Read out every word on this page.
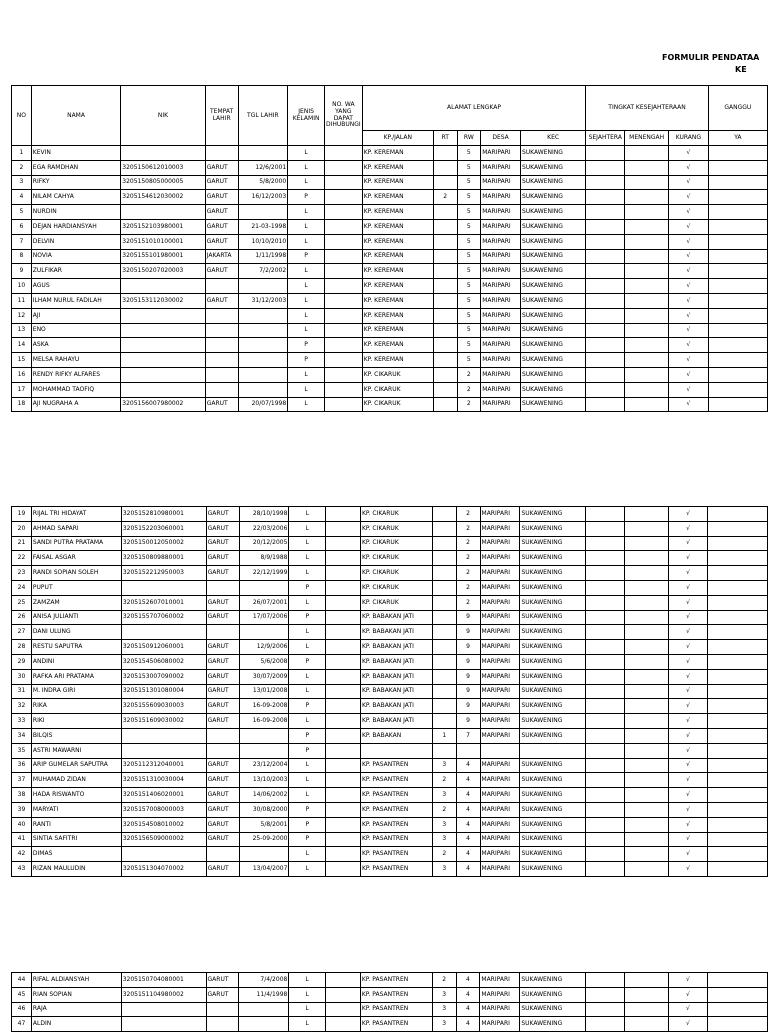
FORMULIR PENDATAA
KE
NO	NAMA	NIK	TEMPAT LAHIR	TGL LAHIR	JENIS KELAMIN	NO. WA YANG DAPAT DIHUBUNGI	ALAMAT LENGKAP					TINGKAT KESEJAHTERAAN			GANGGU
							KP./JALAN	RT	RW	DESA	KEC	SEJAHTERA	MENENGAH	KURANG	YA
1	KEVIN				L		KP. KEREMAN		5	MARIPARI	SUKAWENING			√	
2	EGA RAMDHAN	3205150612010003	GARUT	12/6/2001	L		KP. KEREMAN		5	MARIPARI	SUKAWENING			√	
3	RIFKY	3205150805000005	GARUT	5/8/2000	L		KP. KEREMAN		5	MARIPARI	SUKAWENING			√	
4	NILAM CAHYA	3205154612030002	GARUT	16/12/2003	P		KP. KEREMAN	2	5	MARIPARI	SUKAWENING			√	
5	NURDIN		GARUT		L		KP. KEREMAN		5	MARIPARI	SUKAWENING			√	
6	DEJAN HARDIANSYAH	3205152103980001	GARUT	21-03-1998	L		KP. KEREMAN		5	MARIPARI	SUKAWENING			√	
7	DELVIN	3205151010100001	GARUT	10/10/2010	L		KP. KEREMAN		5	MARIPARI	SUKAWENING			√	
8	NOVIA	3205155101980001	JAKARTA	1/11/1998	P		KP. KEREMAN		5	MARIPARI	SUKAWENING			√	
9	ZULFIKAR	3205150207020003	GARUT	7/2/2002	L		KP. KEREMAN		5	MARIPARI	SUKAWENING			√	
10	AGUS				L		KP. KEREMAN		5	MARIPARI	SUKAWENING			√	
11	ILHAM NURUL FADILAH	3205153112030002	GARUT	31/12/2003	L		KP. KEREMAN		5	MARIPARI	SUKAWENING			√	
12	AJI				L		KP. KEREMAN		5	MARIPARI	SUKAWENING			√	
13	ENO				L		KP. KEREMAN		5	MARIPARI	SUKAWENING			√	
14	ASKA				P		KP. KEREMAN		5	MARIPARI	SUKAWENING			√	
15	MELSA RAHAYU				P		KP. KEREMAN		5	MARIPARI	SUKAWENING			√	
16	RENDY RIFKY ALFARES				L		KP. CIKARUK		2	MARIPARI	SUKAWENING			√	
17	MOHAMMAD TAOFIQ				L		KP. CIKARUK		2	MARIPARI	SUKAWENING			√	
18	AJI NUGRAHA A	3205156007980002	GARUT	20/07/1998	L		KP. CIKARUK		2	MARIPARI	SUKAWENING			√	
19	RIJAL TRI HIDAYAT	3205152810980001	GARUT	28/10/1998	L		KP. CIKARUK		2	MARIPARI	SUKAWENING			√	
20	AHMAD SAPARI	3205152203060001	GARUT	22/03/2006	L		KP. CIKARUK		2	MARIPARI	SUKAWENING			√	
21	SANDI PUTRA PRATAMA	3205150012050002	GARUT	20/12/2005	L		KP. CIKARUK		2	MARIPARI	SUKAWENING			√	
22	FAISAL ASGAR	3205150809880001	GARUT	8/9/1988	L		KP. CIKARUK		2	MARIPARI	SUKAWENING			√	
23	RANDI SOPIAN SOLEH	3205152212950003	GARUT	22/12/1999	L		KP. CIKARUK		2	MARIPARI	SUKAWENING			√	
24	PUPUT				P		KP. CIKARUK		2	MARIPARI	SUKAWENING			√	
25	ZAMZAM	3205152607010001	GARUT	26/07/2001	L		KP. CIKARUK		2	MARIPARI	SUKAWENING			√	
26	ANISA JULIANTI	3205155707060002	GARUT	17/07/2006	P		KP. BABAKAN JATI		9	MARIPARI	SUKAWENING			√	
27	DANI ULUNG				L		KP. BABAKAN JATI		9	MARIPARI	SUKAWENING			√	
28	RESTU SAPUTRA	3205150912060001	GARUT	12/9/2006	L		KP. BABAKAN JATI		9	MARIPARI	SUKAWENING			√	
29	ANDINI	3205154506080002	GARUT	5/6/2008	P		KP. BABAKAN JATI		9	MARIPARI	SUKAWENING			√	
30	RAFKA ARI PRATAMA	3205153007090002	GARUT	30/07/2009	L		KP. BABAKAN JATI		9	MARIPARI	SUKAWENING			√	
31	M. INDRA GIRI	3205151301080004	GARUT	13/01/2008	L		KP. BABAKAN JATI		9	MARIPARI	SUKAWENING			√	
32	RIKA	3205155609030003	GARUT	16-09-2008	P		KP. BABAKAN JATI		9	MARIPARI	SUKAWENING			√	
33	RIKI	3205151609030002	GARUT	16-09-2008	L		KP. BABAKAN JATI		9	MARIPARI	SUKAWENING			√	
34	BILQIS				P		KP. BABAKAN	1	7	MARIPARI	SUKAWENING			√	
35	ASTRI MAWARNI				P									√	
36	ARIP GUMELAR SAPUTRA	3205112312040001	GARUT	23/12/2004	L		KP. PASANTREN	3	4	MARIPARI	SUKAWENING			√	
37	MUHAMAD ZIDAN	3205151310030004	GARUT	13/10/2003	L		KP. PASANTREN	2	4	MARIPARI	SUKAWENING			√	
38	HADA RISWANTO	3205151406020001	GARUT	14/06/2002	L		KP. PASANTREN	3	4	MARIPARI	SUKAWENING			√	
39	MARYATI	3205157008000003	GARUT	30/08/2000	P		KP. PASANTREN	2	4	MARIPARI	SUKAWENING			√	
40	RANTI	3205154508010002	GARUT	5/8/2001	P		KP. PASANTREN	3	4	MARIPARI	SUKAWENING			√	
41	SINTIA SAFITRI	3205156509000002	GARUT	25-09-2000	P		KP. PASANTREN	3	4	MARIPARI	SUKAWENING			√	
42	DIMAS				L		KP. PASANTREN	2	4	MARIPARI	SUKAWENING			√	
43	RIZAN MAULUDIN	3205151304070002	GARUT	13/04/2007	L		KP. PASANTREN	3	4	MARIPARI	SUKAWENING			√	
44	RIFAL ALDIANSYAH	3205150704080001	GARUT	7/4/2008	L		KP. PASANTREN	2	4	MARIPARI	SUKAWENING			√	
45	RIAN SOPIAN	3205151104980002	GARUT	11/4/1998	L		KP. PASANTREN	3	4	MARIPARI	SUKAWENING			√	
46	RAJA				L		KP. PASANTREN	3	4	MARIPARI	SUKAWENING			√	
47	ALDIN				L		KP. PASANTREN	3	4	MARIPARI	SUKAWENING			√	
